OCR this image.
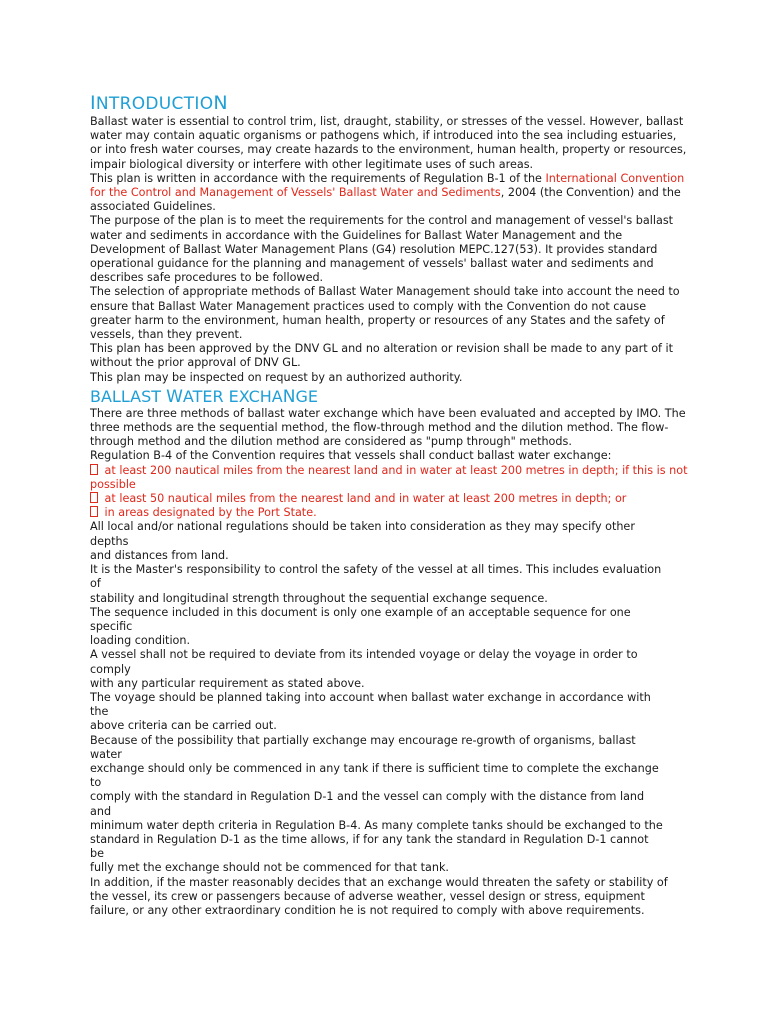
INTRODUCTION

Ballast water is essential to control trim, list, draught, stability, or stresses of the vessel. However, ballast water may contain aquatic organisms or pathogens which, if introduced into the sea including estuaries, or into fresh water courses, may create hazards to the environment, human health, property or resources, impair biological diversity or interfere with other legitimate uses of such areas.

This plan is written in accordance with the requirements of Regulation B-1 of the International Convention for the Control and Management of Vessels' Ballast Water and Sediments, 2004 (the Convention) and the associated Guidelines.

The purpose of the plan is to meet the requirements for the control and management of vessel's ballast water and sediments in accordance with the Guidelines for Ballast Water Management and the Development of Ballast Water Management Plans (G4) resolution MEPC.127(53). It provides standard operational guidance for the planning and management of vessels' ballast water and sediments and describes safe procedures to be followed.

The selection of appropriate methods of Ballast Water Management should take into account the need to ensure that Ballast Water Management practices used to comply with the Convention do not cause greater harm to the environment, human health, property or resources of any States and the safety of vessels, than they prevent.

This plan has been approved by the DNV GL and no alteration or revision shall be made to any part of it without the prior approval of DNV GL.

This plan may be inspected on request by an authorized authority.

BALLAST WATER EXCHANGE

There are three methods of ballast water exchange which have been evaluated and accepted by IMO. The three methods are the sequential method, the flow-through method and the dilution method. The flow-through method and the dilution method are considered as "pump through" methods.

Regulation B-4 of the Convention requires that vessels shall conduct ballast water exchange:

at least 200 nautical miles from the nearest land and in water at least 200 metres in depth; if this is not possible

at least 50 nautical miles from the nearest land and in water at least 200 metres in depth; or

in areas designated by the Port State.

All local and/or national regulations should be taken into consideration as they may specify other
depths
and distances from land.
It is the Master's responsibility to control the safety of the vessel at all times. This includes evaluation
of
stability and longitudinal strength throughout the sequential exchange sequence.
The sequence included in this document is only one example of an acceptable sequence for one
specific
loading condition.
A vessel shall not be required to deviate from its intended voyage or delay the voyage in order to
comply
with any particular requirement as stated above.
The voyage should be planned taking into account when ballast water exchange in accordance with
the
above criteria can be carried out.
Because of the possibility that partially exchange may encourage re-growth of organisms, ballast
water
exchange should only be commenced in any tank if there is sufficient time to complete the exchange
to
comply with the standard in Regulation D-1 and the vessel can comply with the distance from land
and
minimum water depth criteria in Regulation B-4. As many complete tanks should be exchanged to the
standard in Regulation D-1 as the time allows, if for any tank the standard in Regulation D-1 cannot
be
fully met the exchange should not be commenced for that tank.
In addition, if the master reasonably decides that an exchange would threaten the safety or stability of
the vessel, its crew or passengers because of adverse weather, vessel design or stress, equipment
failure, or any other extraordinary condition he is not required to comply with above requirements.
